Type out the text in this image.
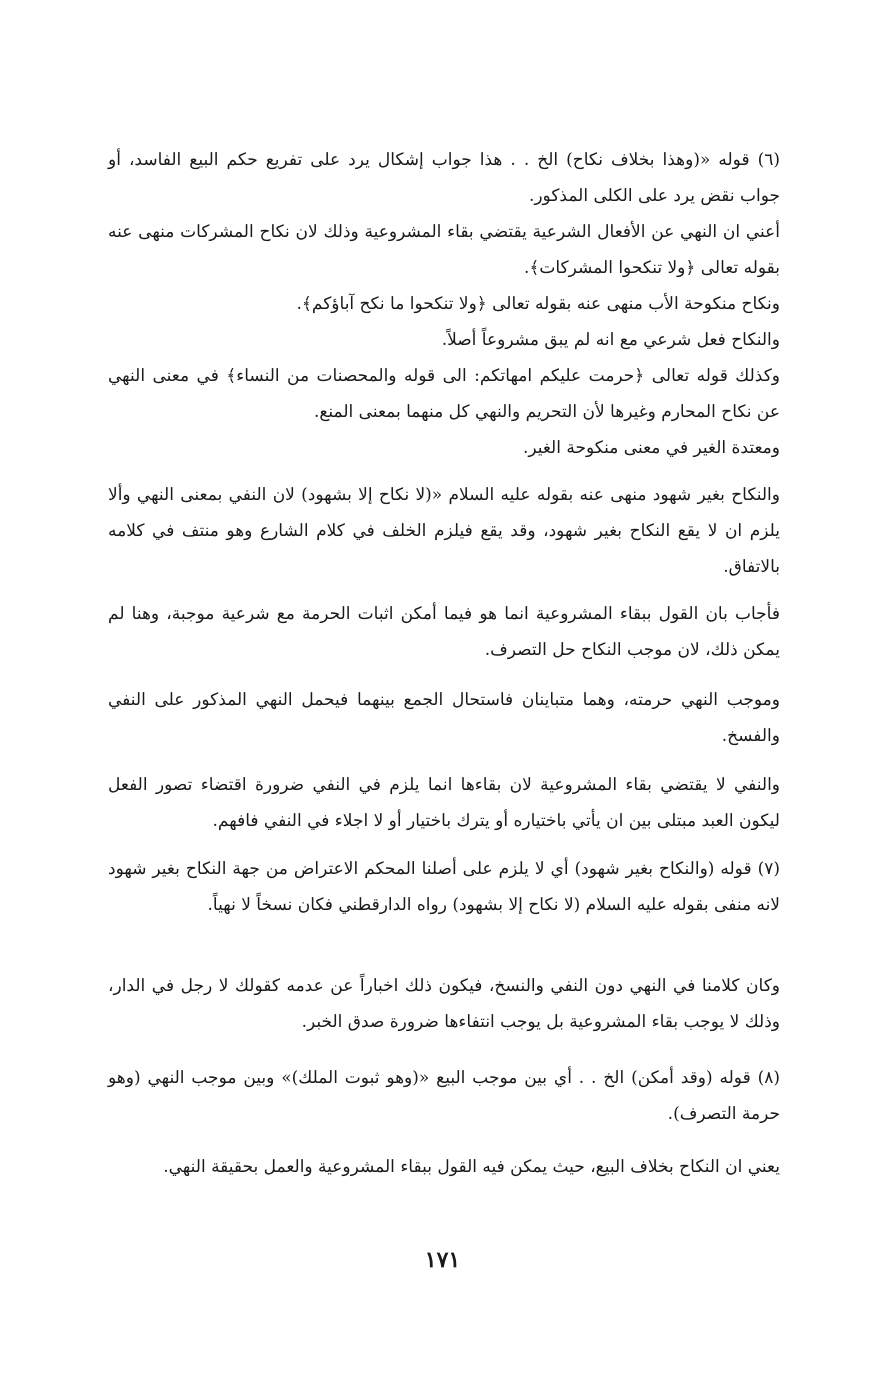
(٦) قوله «(وهذا بخلاف نكاح) الخ . . هذا جواب إشكال يرد على تفريع حكم البيع الفاسد، أو جواب نقض يرد على الكلى المذكور.

أعني ان النهي عن الأفعال الشرعية يقتضي بقاء المشروعية وذلك لان نكاح المشركات منهى عنه بقوله تعالى ﴿ولا تنكحوا المشركات﴾.

ونكاح منكوحة الأب منهى عنه بقوله تعالى ﴿ولا تنكحوا ما نكح آباؤكم﴾.

والنكاح فعل شرعي مع انه لم يبق مشروعاً أصلاً.

وكذلك قوله تعالى ﴿حرمت عليكم امهاتكم: الى قوله والمحصنات من النساء﴾ في معنى النهي عن نكاح المحارم وغيرها لأن التحريم والنهي كل منهما بمعنى المنع.

ومعتدة الغير في معنى منكوحة الغير.

والنكاح بغير شهود منهى عنه بقوله عليه السلام «(لا نكاح إلا بشهود) لان النفي بمعنى النهي وألا يلزم ان لا يقع النكاح بغير شهود، وقد يقع فيلزم الخلف في كلام الشارع وهو منتف في كلامه بالاتفاق.

فأجاب بان القول ببقاء المشروعية انما هو فيما أمكن اثبات الحرمة مع شرعية موجبة، وهنا لم يمكن ذلك، لان موجب النكاح حل التصرف.

وموجب النهي حرمته، وهما متباينان فاستحال الجمع بينهما فيحمل النهي المذكور على النفي والفسخ.

والنفي لا يقتضي بقاء المشروعية لان بقاءها انما يلزم في النفي ضرورة اقتضاء تصور الفعل ليكون العبد مبتلى بين ان يأتي باختياره أو يترك باختيار أو لا اجلاء في النفي فافهم.

(٧) قوله (والنكاح بغير شهود) أي لا يلزم على أصلنا المحكم الاعتراض من جهة النكاح بغير شهود لانه منفى بقوله عليه السلام (لا نكاح إلا بشهود) رواه الدارقطني فكان نسخاً لا نهياً.

وكان كلامنا في النهي دون النفي والنسخ، فيكون ذلك اخباراً عن عدمه كقولك لا رجل في الدار، وذلك لا يوجب بقاء المشروعية بل يوجب انتفاءها ضرورة صدق الخبر.

(٨) قوله (وقد أمكن) الخ . . أي بين موجب البيع «(وهو ثبوت الملك)» وبين موجب النهي (وهو حرمة التصرف).

يعني ان النكاح بخلاف البيع، حيث يمكن فيه القول ببقاء المشروعية والعمل بحقيقة النهي.

١٧١
